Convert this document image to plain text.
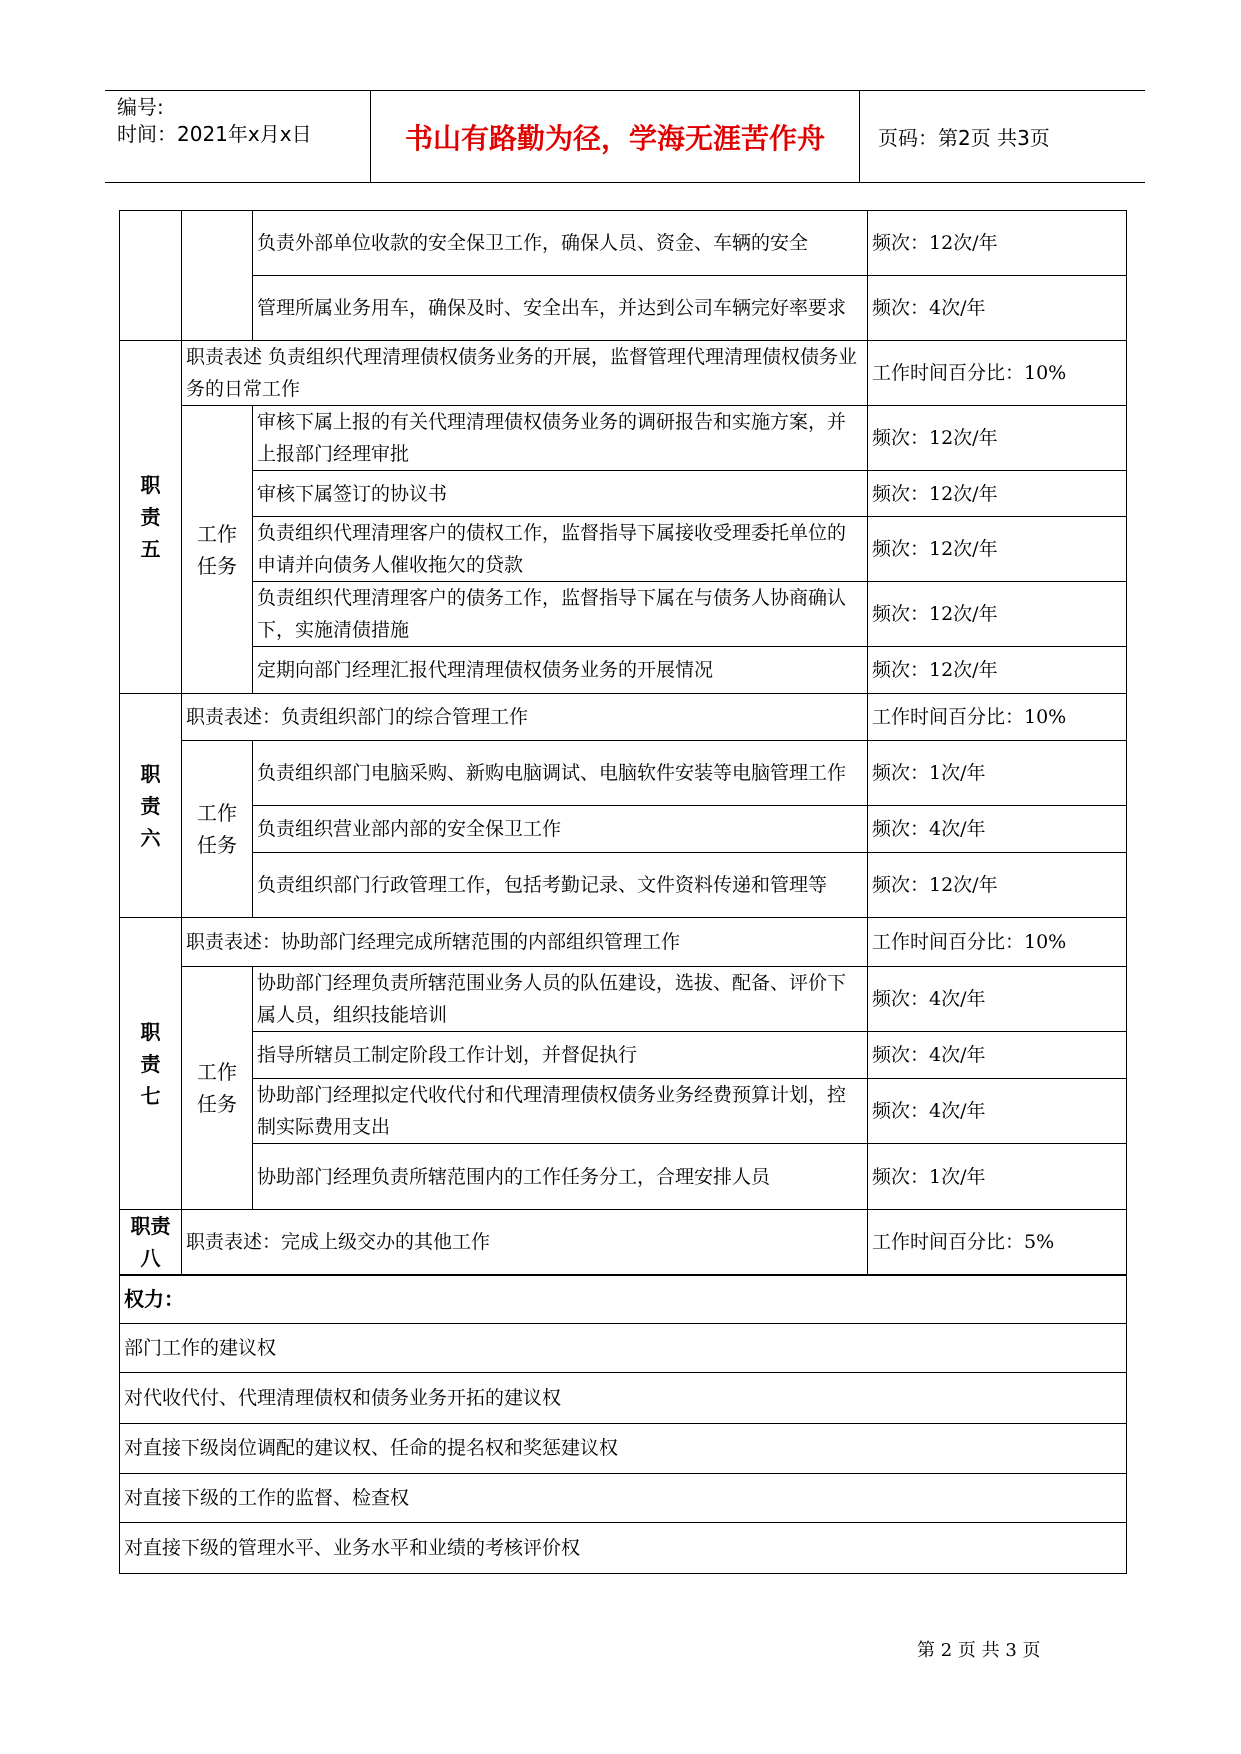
编号:
时间：2021年x月x日	书山有路勤为径，学海无涯苦作舟	页码：第2页 共3页
		负责外部单位收款的安全保卫工作，确保人员、资金、车辆的安全	频次：12次/年
		管理所属业务用车，确保及时、安全出车，并达到公司车辆完好率要求	频次：4次/年
职责五	职责表述 负责组织代理清理债权债务业务的开展，监督管理代理清理债权债务业务的日常工作		工作时间百分比：10%
	工作任务	审核下属上报的有关代理清理债权债务业务的调研报告和实施方案，并上报部门经理审批	频次：12次/年
		审核下属签订的协议书	频次：12次/年
		负责组织代理清理客户的债权工作，监督指导下属接收受理委托单位的申请并向债务人催收拖欠的贷款	频次：12次/年
		负责组织代理清理客户的债务工作，监督指导下属在与债务人协商确认下，实施清债措施	频次：12次/年
		定期向部门经理汇报代理清理债权债务业务的开展情况	频次：12次/年
职责六	职责表述：负责组织部门的综合管理工作		工作时间百分比：10%
	工作任务	负责组织部门电脑采购、新购电脑调试、电脑软件安装等电脑管理工作	频次：1次/年
		负责组织营业部内部的安全保卫工作	频次：4次/年
		负责组织部门行政管理工作，包括考勤记录、文件资料传递和管理等	频次：12次/年
职责七	职责表述：协助部门经理完成所辖范围的内部组织管理工作		工作时间百分比：10%
	工作任务	协助部门经理负责所辖范围业务人员的队伍建设，选拔、配备、评价下属人员，组织技能培训	频次：4次/年
		指导所辖员工制定阶段工作计划，并督促执行	频次：4次/年
		协助部门经理拟定代收代付和代理清理债权债务业务经费预算计划，控制实际费用支出	频次：4次/年
		协助部门经理负责所辖范围内的工作任务分工，合理安排人员	频次：1次/年
职责八	职责表述：完成上级交办的其他工作		工作时间百分比：5%
权力：			
部门工作的建议权			
对代收代付、代理清理债权和债务业务开拓的建议权			
对直接下级岗位调配的建议权、任命的提名权和奖惩建议权			
对直接下级的工作的监督、检查权			
对直接下级的管理水平、业务水平和业绩的考核评价权			
第 2 页 共 3 页
